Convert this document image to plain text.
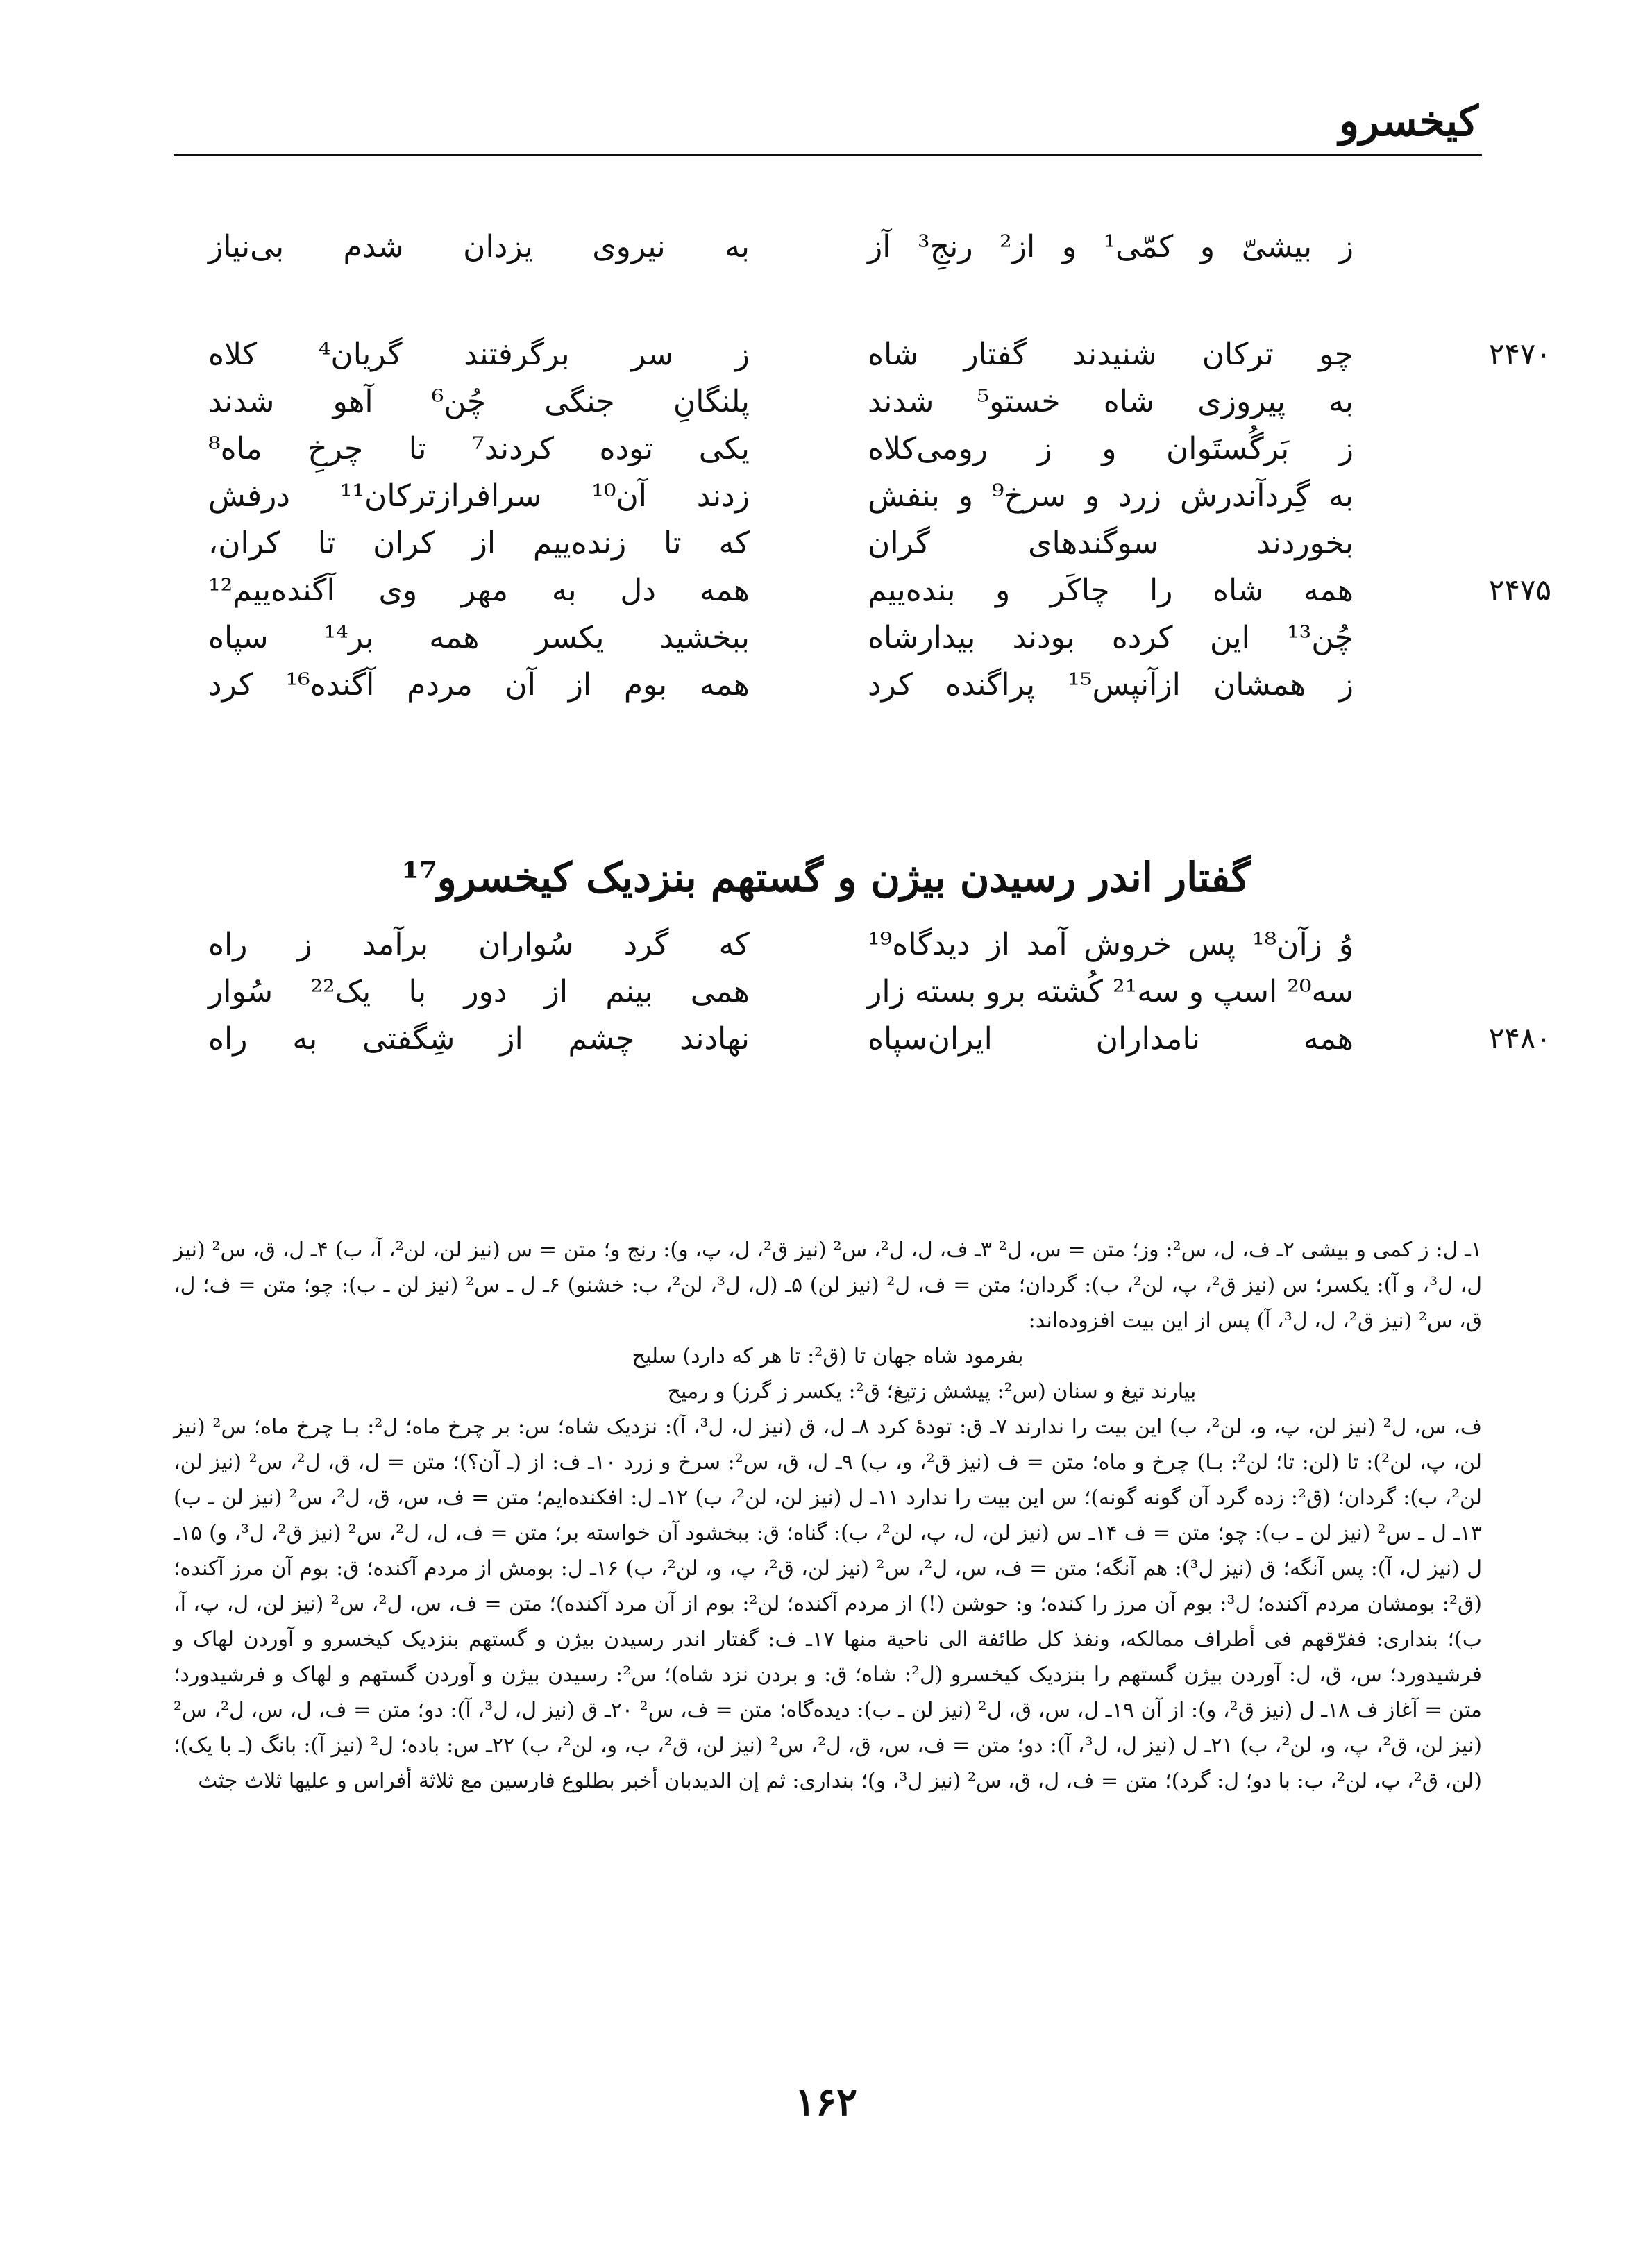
کیخسرو
ز بیشیّ و کمّی¹ و از² رنجِ³ آز
به نیروی یزدان شدم بی‌نیاز
۲۴۷۰
چو ترکان شنیدند گفتار شاه
ز سر برگرفتند گریان⁴ کلاه
به پیروزی شاه خستو⁵ شدند
پلنگانِ جنگی چُن⁶ آهو شدند
ز بَرگُستَوان و ز رومی‌کلاه
یکی توده کردند⁷ تا چرخِ ماه⁸
به گِردآندرش زرد و سرخ⁹ و بنفش
زدند آن¹⁰ سرافرازترکان¹¹ درفش
بخوردند سوگندهای گران
که تا زنده‌ییم از کران تا کران،
۲۴۷۵
همه شاه را چاکَر و بنده‌ییم
همه دل به مهر وی آگنده‌ییم¹²
چُن¹³ این کرده بودند بیدارشاه
ببخشید یکسر همه بر¹⁴ سپاه
ز همشان ازآنپس¹⁵ پراگنده کرد
همه بوم از آن مردم آگنده¹⁶ کرد
گفتار اندر رسیدن بیژن و گستهم بنزدیک کیخسرو¹⁷
وُ زآن¹⁸ پس خروش آمد از دیدگاه¹⁹
که گرد سُواران برآمد ز راه
سه²⁰ اسپ و سه²¹ کُشته برو بسته زار
همی بینم از دور با یک²² سُوار
۲۴۸۰
همه نامداران ایران‌سپاه
نهادند چشم از شِگفتی به راه

۱ـ ل: ز کمی و بیشی ۲ـ ف، ل، س²: وز؛ متن = س، ل² ۳ـ ف، ل، ل²، س² (نیز ق²، ل، پ، و): رنج و؛ متن = س (نیز لن، لن²، آ، ب) ۴ـ ل، ق، س² (نیز ل، ل³، و آ): یکسر؛ س (نیز ق²، پ، لن²، ب): گردان؛ متن = ف، ل² (نیز لن) ۵ـ (ل، ل³، لن²، ب: خشنو) ۶ـ ل ـ س² (نیز لن ـ ب): چو؛ متن = ف؛ ل، ق، س² (نیز ق²، ل، ل³، آ) پس از این بیت افزوده‌اند:

بفرمود شاه جهان تا (ق²: تا هر که دارد) سلیح

بیارند تیغ و سنان (س²: پیشش زتیغ؛ ق²: یکسر ز گرز) و رمیح

ف، س، ل² (نیز لن، پ، و، لن²، ب) این بیت را ندارند ۷ـ ق: تودهٔ کرد ۸ـ ل، ق (نیز ل، ل³، آ): نزدیک شاه؛ س: بر چرخ ماه؛ ل²: بـا چرخ ماه؛ س² (نیز لن، پ، لن²): تا (لن: تا؛ لن²: بـا) چرخ و ماه؛ متن = ف (نیز ق²، و، ب) ۹ـ ل، ق، س²: سرخ و زرد ۱۰ـ ف: از (ـ آن؟)؛ متن = ل، ق، ل²، س² (نیز لن، لن²، ب): گردان؛ (ق²: زده گرد آن گونه گونه)؛ س این بیت را ندارد ۱۱ـ ل (نیز لن، لن²، ب) ۱۲ـ ل: افکنده‌ایم؛ متن = ف، س، ق، ل²، س² (نیز لن ـ ب) ۱۳ـ ل ـ س² (نیز لن ـ ب): چو؛ متن = ف ۱۴ـ س (نیز لن، ل، پ، لن²، ب): گناه؛ ق: ببخشود آن خواسته بر؛ متن = ف، ل، ل²، س² (نیز ق²، ل³، و) ۱۵ـ ل (نیز ل، آ): پس آنگه؛ ق (نیز ل³): هم آنگه؛ متن = ف، س، ل²، س² (نیز لن، ق²، پ، و، لن²، ب) ۱۶ـ ل: بومش از مردم آکنده؛ ق: بوم آن مرز آکنده؛ (ق²: بومشان مردم آکنده؛ ل³: بوم آن مرز را کنده؛ و: حوشن (!) از مردم آکنده؛ لن²: بوم از آن مرد آکنده)؛ متن = ف، س، ل²، س² (نیز لن، ل، پ، آ، ب)؛ بنداری: ففرّقهم فی أطراف ممالکه، ونفذ کل طائفة الی ناحیة منها ۱۷ـ ف: گفتار اندر رسیدن بیژن و گستهم بنزدیک کیخسرو و آوردن لهاک و فرشیدورد؛ س، ق، ل: آوردن بیژن گستهم را بنزدیک کیخسرو (ل²: شاه؛ ق: و بردن نزد شاه)؛ س²: رسیدن بیژن و آوردن گستهم و لهاک و فرشیدورد؛ متن = آغاز ف ۱۸ـ ل (نیز ق²، و): از آن ۱۹ـ ل، س، ق، ل² (نیز لن ـ ب): دیده‌گاه؛ متن = ف، س² ۲۰ـ ق (نیز ل، ل³، آ): دو؛ متن = ف، ل، س، ل²، س² (نیز لن، ق²، پ، و، لن²، ب) ۲۱ـ ل (نیز ل، ل³، آ): دو؛ متن = ف، س، ق، ل²، س² (نیز لن، ق²، ب، و، لن²، ب) ۲۲ـ س: باده؛ ل² (نیز آ): بانگ (ـ با یک)؛ (لن، ق²، پ، لن²، ب: با دو؛ ل: گرد)؛ متن = ف، ل، ق، س² (نیز ل³، و)؛ بنداری: ثم إن الدیدبان أخبر بطلوع فارسین مع ثلاثة أفراس و علیها ثلاث جثث

۱۶۲
